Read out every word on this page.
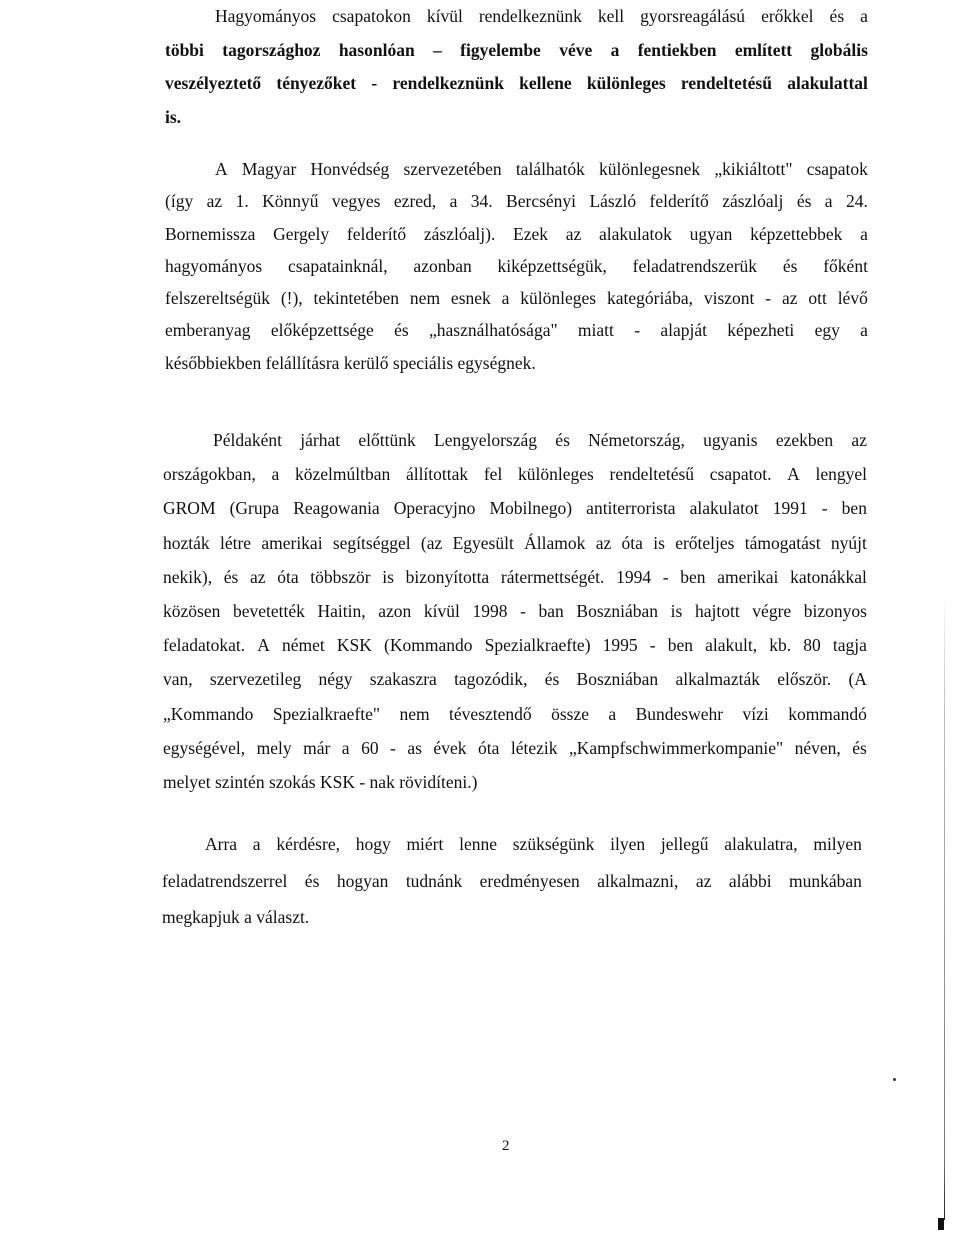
Hagyományos csapatokon kívül rendelkeznünk kell gyorsreagálású erőkkel és a
többi tagországhoz hasonlóan – figyelembe véve a fentiekben említett globális
veszélyeztető tényezőket - rendelkeznünk kellene különleges rendeltetésű alakulattal
is.
A Magyar Honvédség szervezetében találhatók különlegesnek „kikiáltott" csapatok
(így az 1. Könnyű vegyes ezred, a 34. Bercsényi László felderítő zászlóalj és a 24.
Bornemissza Gergely felderítő zászlóalj). Ezek az alakulatok ugyan képzettebbek a
hagyományos csapatainknál, azonban kiképzettségük, feladatrendszerük és főként
felszereltségük (!), tekintetében nem esnek a különleges kategóriába, viszont - az ott lévő
emberanyag előképzettsége és „használhatósága" miatt - alapját képezheti egy a
későbbiekben felállításra kerülő speciális egységnek.
Példaként járhat előttünk Lengyelország és Németország, ugyanis ezekben az
országokban, a közelmúltban állítottak fel különleges rendeltetésű csapatot. A lengyel
GROM (Grupa Reagowania Operacyjno Mobilnego) antiterrorista alakulatot 1991 - ben
hozták létre amerikai segítséggel (az Egyesült Államok az óta is erőteljes támogatást nyújt
nekik), és az óta többször is bizonyította rátermettségét. 1994 - ben amerikai katonákkal
közösen bevetették Haitin, azon kívül 1998 - ban Boszniában is hajtott végre bizonyos
feladatokat. A német KSK (Kommando Spezialkraefte) 1995 - ben alakult, kb. 80 tagja
van, szervezetileg négy szakaszra tagozódik, és Boszniában alkalmazták először. (A
„Kommando Spezialkraefte" nem tévesztendő össze a Bundeswehr vízi kommandó
egységével, mely már a 60 - as évek óta létezik „Kampfschwimmerkompanie" néven, és
melyet szintén szokás KSK - nak rövidíteni.)
Arra a kérdésre, hogy miért lenne szükségünk ilyen jellegű alakulatra, milyen
feladatrendszerrel és hogyan tudnánk eredményesen alkalmazni, az alábbi munkában
megkapjuk a választ.
2
